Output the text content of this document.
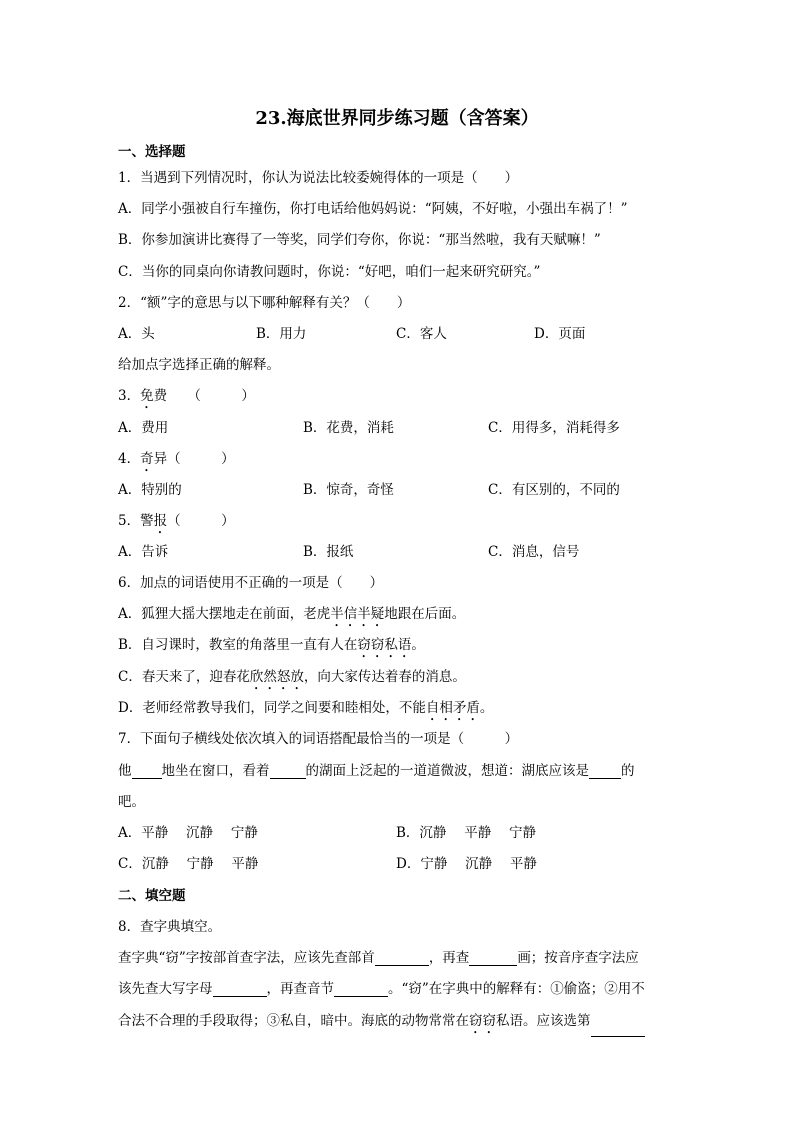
23.海底世界同步练习题（含答案）
一、选择题
1．当遇到下列情况时，你认为说法比较委婉得体的一项是（　　）
A．同学小强被自行车撞伤，你打电话给他妈妈说：“阿姨，不好啦，小强出车祸了！”
B．你参加演讲比赛得了一等奖，同学们夸你，你说：“那当然啦，我有天赋嘛！”
C．当你的同桌向你请教问题时，你说：“好吧，咱们一起来研究研究。”
2．“额”字的意思与以下哪种解释有关？（　　）
A．头	B．用力	C．客人	D．页面
给加点字选择正确的解释。
3．免费　　（　　　）
A．费用	B．花费，消耗	C．用得多，消耗得多
4．奇异（　　　）
A．特别的	B．惊奇，奇怪	C．有区别的，不同的
5．警报（　　　）
A．告诉	B．报纸	C．消息，信号
6．加点的词语使用不正确的一项是（　　）
A．狐狸大摇大摆地走在前面，老虎半信半疑地跟在后面。
B．自习课时，教室的角落里一直有人在窃窃私语。
C．春天来了，迎春花欣然怒放，向大家传达着春的消息。
D．老师经常教导我们，同学之间要和睦相处，不能自相矛盾。
7．下面句子横线处依次填入的词语搭配最恰当的一项是（　　　）
他 地坐在窗口，看着	的湖面上泛起的一道道微波，想道：湖底应该是 的
吧。
A．平静　 沉静　 宁静	B．沉静　 平静　 宁静
C．沉静　 宁静　 平静	D．宁静　 沉静　 平静
二、填空题
8．查字典填空。
查字典“窃”字按部首查字法，应该先查部首	，再查	画；按音序查字法应
该先查大写字母	，再查音节	。“窃”在字典中的解释有：①偷盗；②用不
合法不合理的手段取得；③私自，暗中。海底的动物常常在窃窃私语。应该选第
